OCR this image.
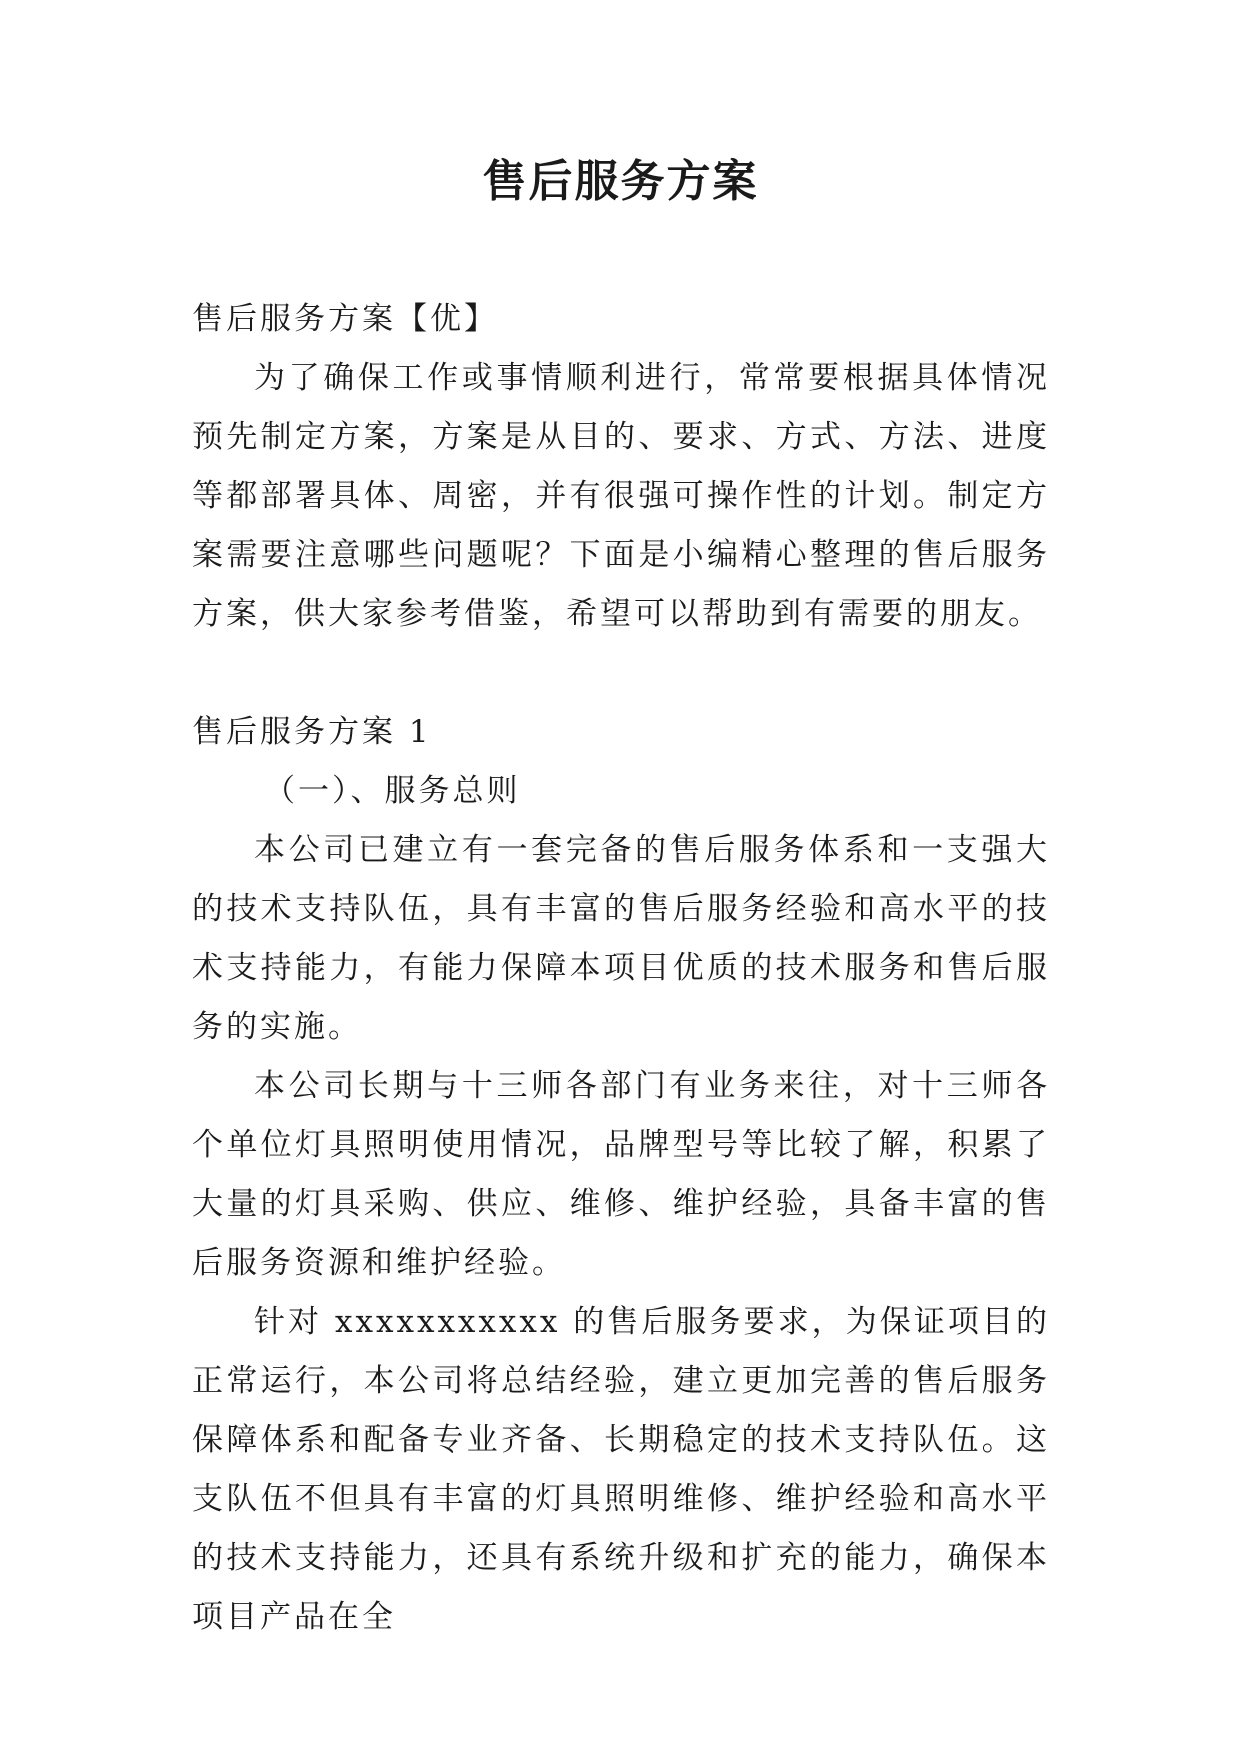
售后服务方案

售后服务方案【优】

为了确保工作或事情顺利进行，常常要根据具体情况预先制定方案，方案是从目的、要求、方式、方法、进度等都部署具体、周密，并有很强可操作性的计划。制定方案需要注意哪些问题呢？下面是小编精心整理的售后服务方案，供大家参考借鉴，希望可以帮助到有需要的朋友。

售后服务方案 1

（一）、服务总则

本公司已建立有一套完备的售后服务体系和一支强大的技术支持队伍，具有丰富的售后服务经验和高水平的技术支持能力，有能力保障本项目优质的技术服务和售后服务的实施。

本公司长期与十三师各部门有业务来往，对十三师各个单位灯具照明使用情况，品牌型号等比较了解，积累了大量的灯具采购、供应、维修、维护经验，具备丰富的售后服务资源和维护经验。

针对 xxxxxxxxxxx 的售后服务要求，为保证项目的正常运行，本公司将总结经验，建立更加完善的售后服务保障体系和配备专业齐备、长期稳定的技术支持队伍。这支队伍不但具有丰富的灯具照明维修、维护经验和高水平的技术支持能力，还具有系统升级和扩充的能力，确保本项目产品在全
